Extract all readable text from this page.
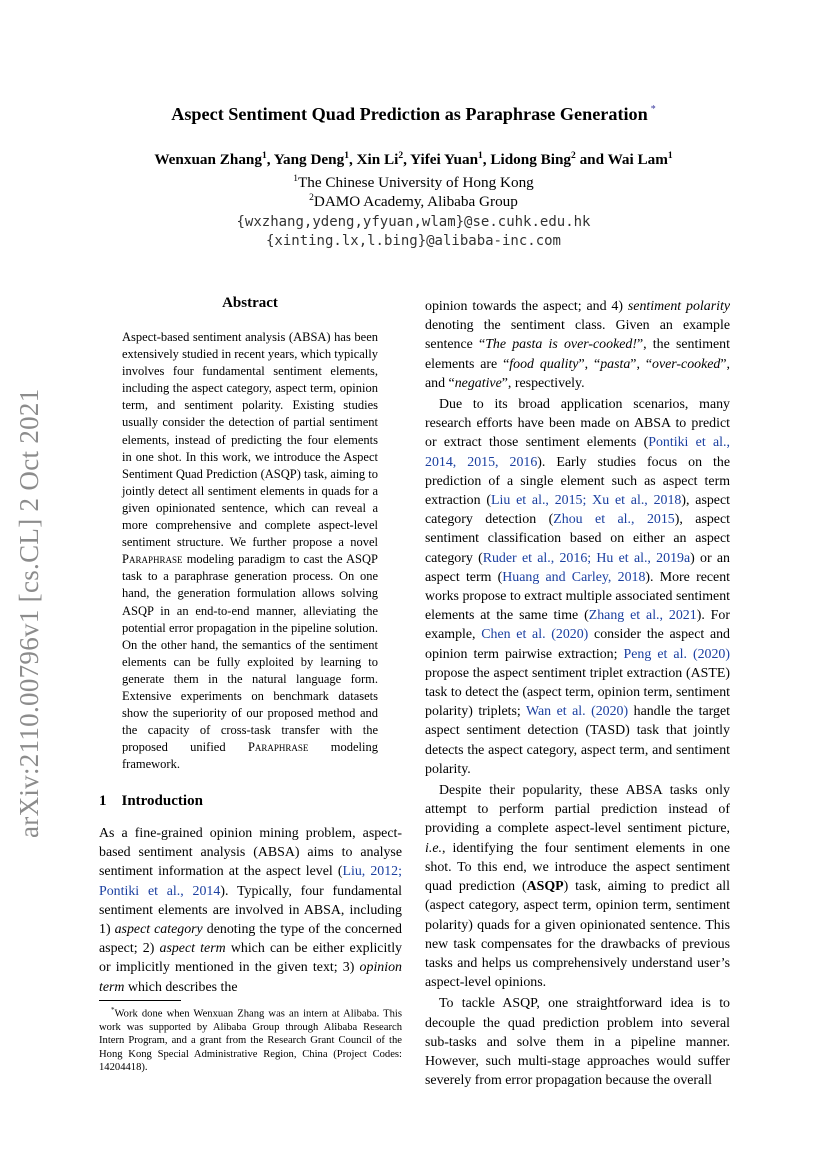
arXiv:2110.00796v1 [cs.CL] 2 Oct 2021
Aspect Sentiment Quad Prediction as Paraphrase Generation *
Wenxuan Zhang$^1$, Yang Deng$^1$, Xin Li$^2$, Yifei Yuan$^1$, Lidong Bing$^2$ and Wai Lam$^1$
$^1$The Chinese University of Hong Kong
$^2$DAMO Academy, Alibaba Group
{wxzhang,ydeng,yfyuan,wlam}@se.cuhk.edu.hk
{xinting.lx,l.bing}@alibaba-inc.com
Abstract
Aspect-based sentiment analysis (ABSA) has been extensively studied in recent years, which typically involves four fundamental sentiment elements, including the aspect category, aspect term, opinion term, and sentiment polarity. Existing studies usually consider the detection of partial sentiment elements, instead of predicting the four elements in one shot. In this work, we introduce the Aspect Sentiment Quad Prediction (ASQP) task, aiming to jointly detect all sentiment elements in quads for a given opinionated sentence, which can reveal a more comprehensive and complete aspect-level sentiment structure. We further propose a novel Paraphrase modeling paradigm to cast the ASQP task to a paraphrase generation process. On one hand, the generation formulation allows solving ASQP in an end-to-end manner, alleviating the potential error propagation in the pipeline solution. On the other hand, the semantics of the sentiment elements can be fully exploited by learning to generate them in the natural language form. Extensive experiments on benchmark datasets show the superiority of our proposed method and the capacity of cross-task transfer with the proposed unified Paraphrase modeling framework.
1 Introduction

As a fine-grained opinion mining problem, aspect-based sentiment analysis (ABSA) aims to analyse sentiment information at the aspect level (Liu, 2012; Pontiki et al., 2014). Typically, four fundamental sentiment elements are involved in ABSA, including 1) aspect category denoting the type of the concerned aspect; 2) aspect term which can be either explicitly or implicitly mentioned in the given text; 3) opinion term which describes the

opinion towards the aspect; and 4) sentiment polarity denoting the sentiment class. Given an example sentence “The pasta is over-cooked!”, the sentiment elements are “food quality”, “pasta”, “over-cooked”, and “negative”, respectively.

Due to its broad application scenarios, many research efforts have been made on ABSA to predict or extract those sentiment elements (Pontiki et al., 2014, 2015, 2016). Early studies focus on the prediction of a single element such as aspect term extraction (Liu et al., 2015; Xu et al., 2018), aspect category detection (Zhou et al., 2015), aspect sentiment classification based on either an aspect category (Ruder et al., 2016; Hu et al., 2019a) or an aspect term (Huang and Carley, 2018). More recent works propose to extract multiple associated sentiment elements at the same time (Zhang et al., 2021). For example, Chen et al. (2020) consider the aspect and opinion term pairwise extraction; Peng et al. (2020) propose the aspect sentiment triplet extraction (ASTE) task to detect the (aspect term, opinion term, sentiment polarity) triplets; Wan et al. (2020) handle the target aspect sentiment detection (TASD) task that jointly detects the aspect category, aspect term, and sentiment polarity.

Despite their popularity, these ABSA tasks only attempt to perform partial prediction instead of providing a complete aspect-level sentiment picture, i.e., identifying the four sentiment elements in one shot. To this end, we introduce the aspect sentiment quad prediction (ASQP) task, aiming to predict all (aspect category, aspect term, opinion term, sentiment polarity) quads for a given opinionated sentence. This new task compensates for the drawbacks of previous tasks and helps us comprehensively understand user’s aspect-level opinions.

To tackle ASQP, one straightforward idea is to decouple the quad prediction problem into several sub-tasks and solve them in a pipeline manner. However, such multi-stage approaches would suffer severely from error propagation because the overall

*Work done when Wenxuan Zhang was an intern at Alibaba. This work was supported by Alibaba Group through Alibaba Research Intern Program, and a grant from the Research Grant Council of the Hong Kong Special Administrative Region, China (Project Codes: 14204418).
